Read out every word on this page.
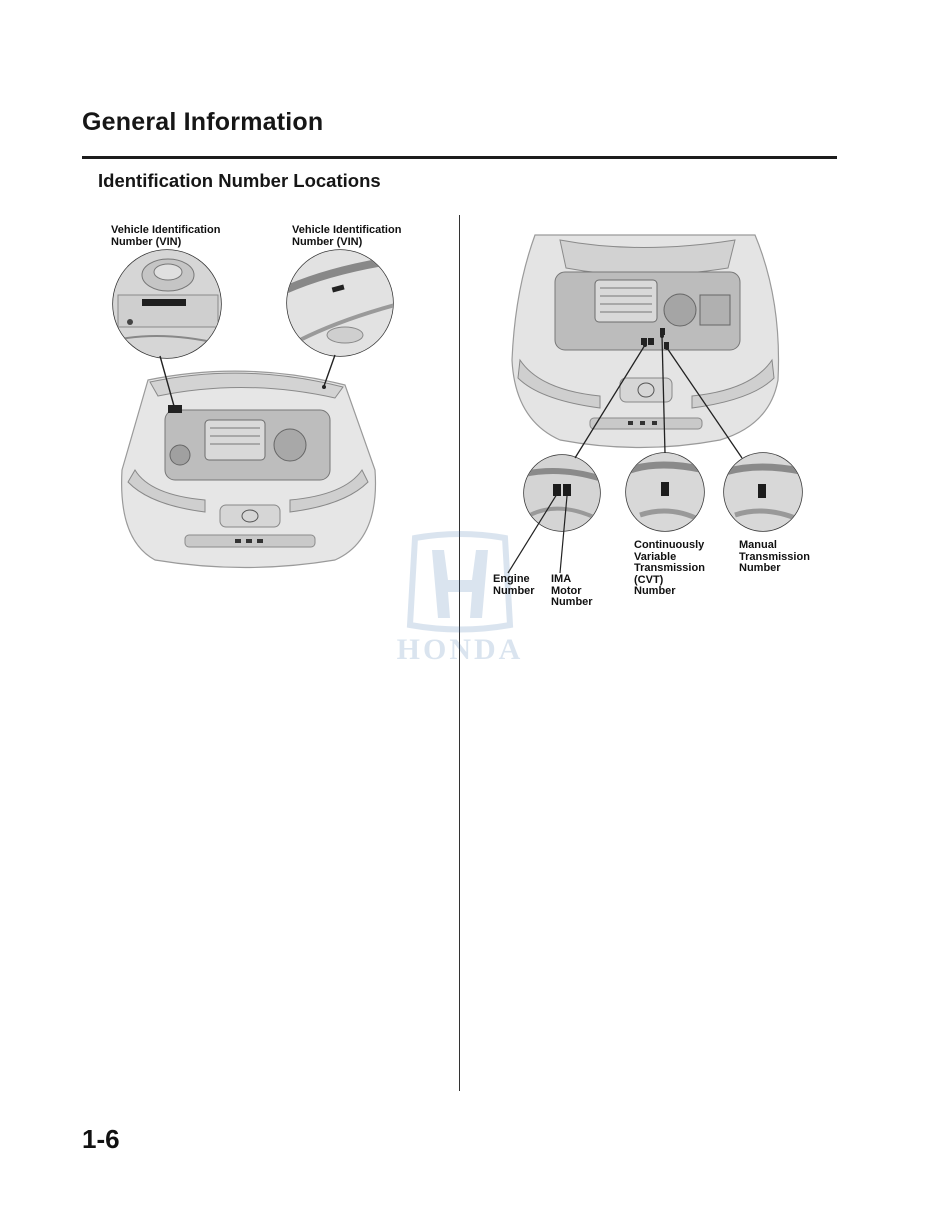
General Information
Identification Number Locations
HONDA
Vehicle Identification
Number (VIN)
Vehicle Identification
Number (VIN)
Engine
Number
IMA
Motor
Number
Continuously
Variable
Transmission
(CVT)
Number
Manual
Transmission
Number
1-6
